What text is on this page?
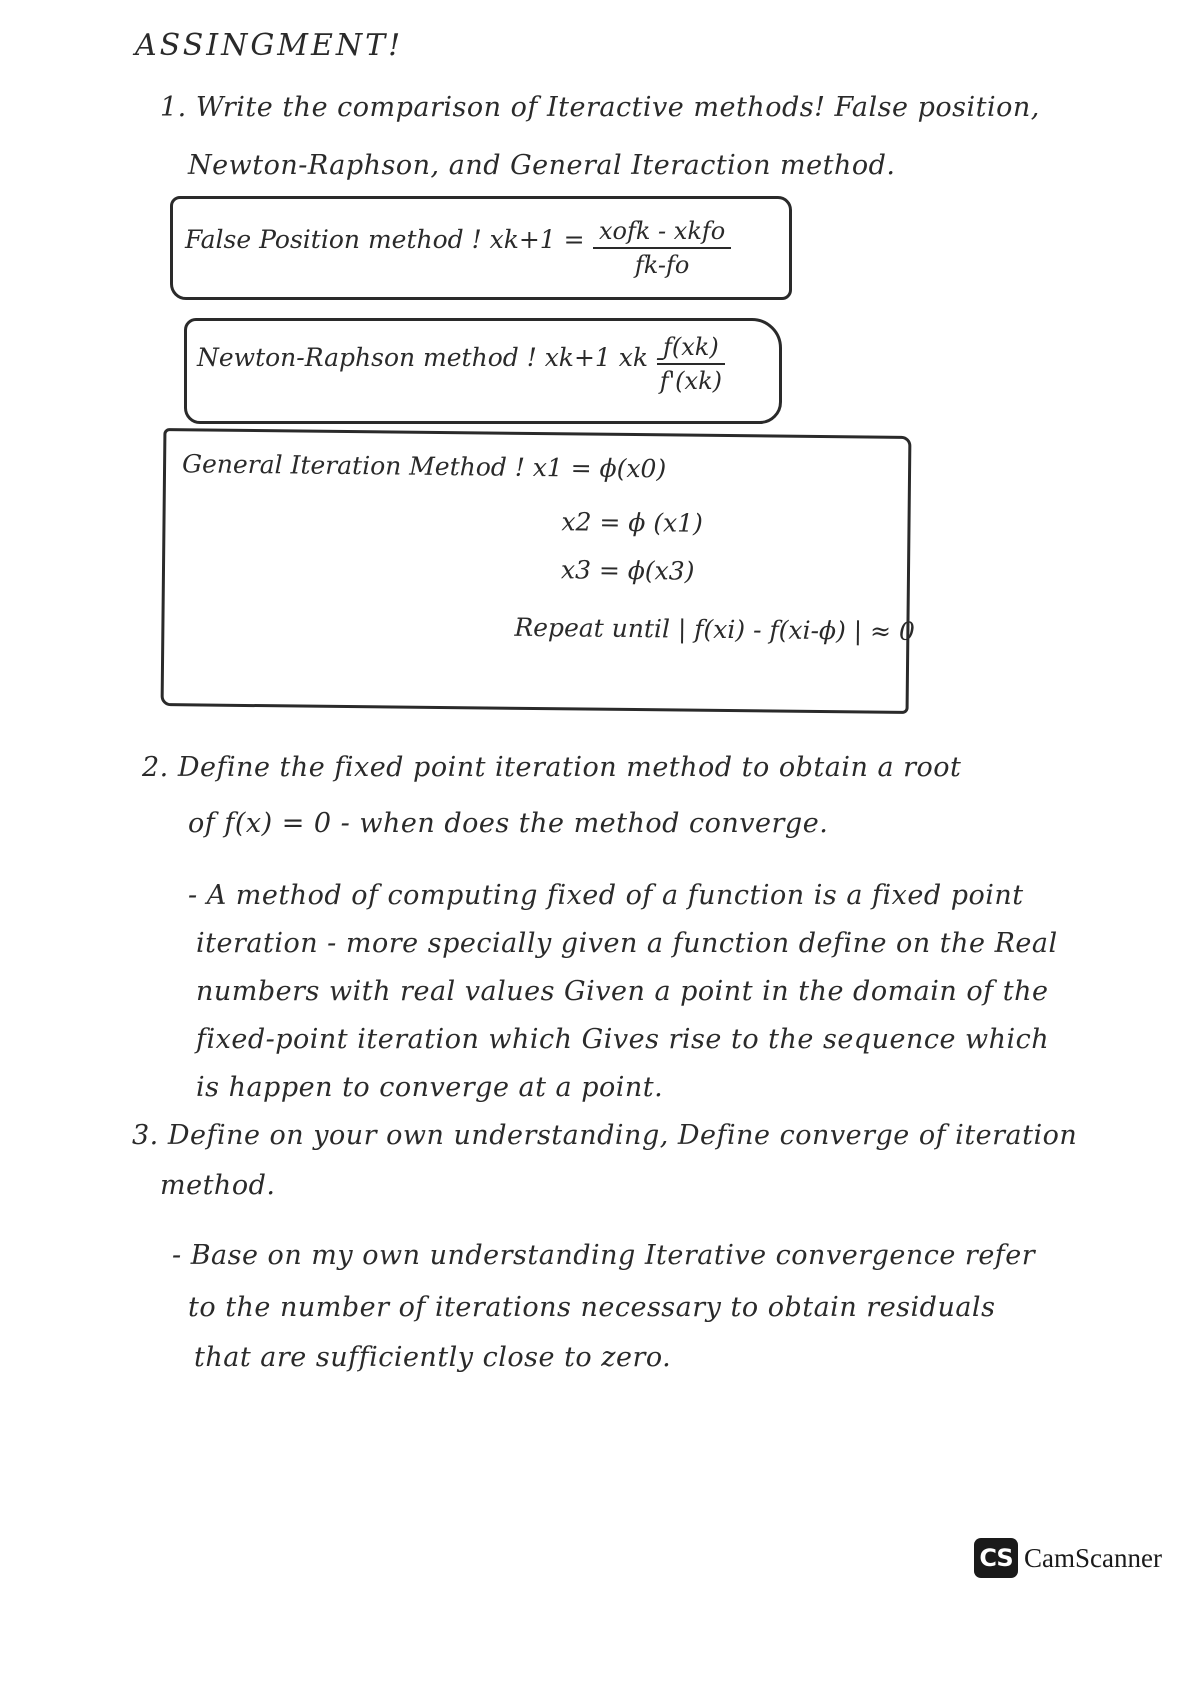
ASSINGMENT!
1. Write the comparison of Iteractive methods! False position,
Newton-Raphson, and General Iteraction method.
False Position method ! xk+1 = xofk - xkfo
fk-fo
Newton-Raphson method ! xk+1 xk -
$\frac{f(xk)}{f'(xk)}$
General Iteration Method ! x1 = ϕ(x0)
x2 = ϕ (x1)
x3 = ϕ(x3)
Repeat until | f(xi) - f(xi-ϕ) | ≈ 0
2. Define the fixed point iteration method to obtain a root
of f(x) = 0 - when does the method converge.
- A method of computing fixed of a function is a fixed point
iteration - more specially given a function define on the Real
numbers with real values Given a point in the domain of the
fixed-point iteration which Gives rise to the sequence which
is happen to converge at a point.
3. Define on your own understanding, Define converge of iteration
method.
- Base on my own understanding Iterative convergence refer
to the number of iterations necessary to obtain residuals
that are sufficiently close to zero.
CS CamScanner
